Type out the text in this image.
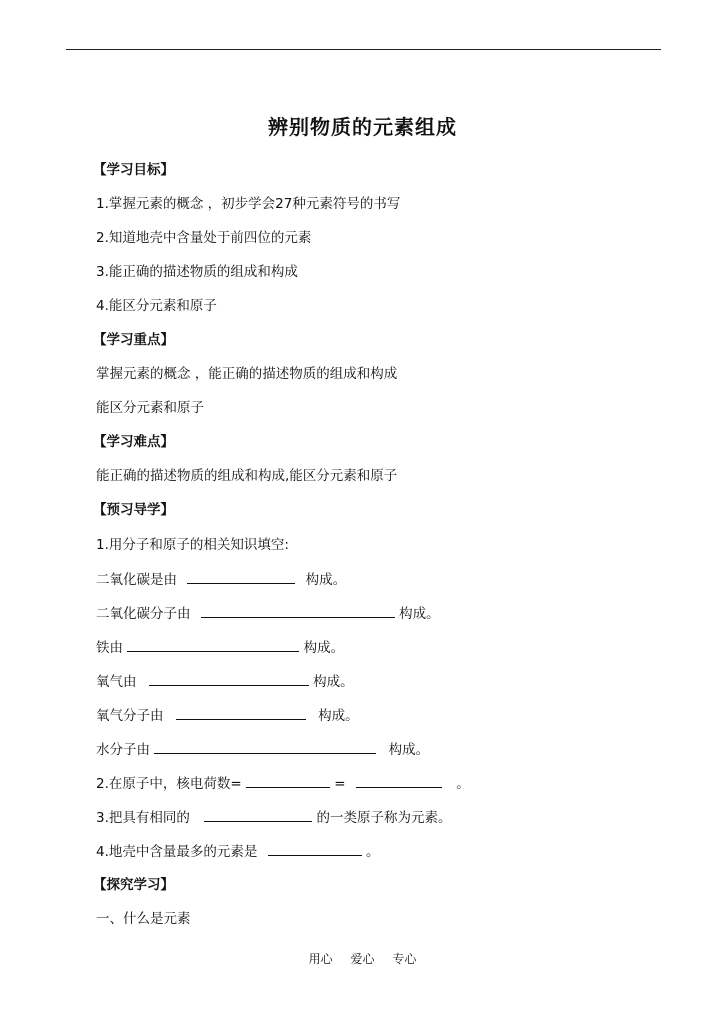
辨别物质的元素组成
【学习目标】
1.掌握元素的概念 ，初步学会27种元素符号的书写
2.知道地壳中含量处于前四位的元素
3.能正确的描述物质的组成和构成
4.能区分元素和原子
【学习重点】
掌握元素的概念 ，能正确的描述物质的组成和构成
能区分元素和原子
【学习难点】
能正确的描述物质的组成和构成,能区分元素和原子
【预习导学】
1.用分子和原子的相关知识填空:
二氧化碳是由	构成。
二氧化碳分子由	构成。
铁由	构成。
氧气由	构成。
氧气分子由	构成。
水分子由	构成。
2.在原子中，核电荷数=	=	。
3.把具有相同的	的一类原子称为元素。
4.地壳中含量最多的元素是	。
【探究学习】
一、什么是元素
用心 爱心 专心
